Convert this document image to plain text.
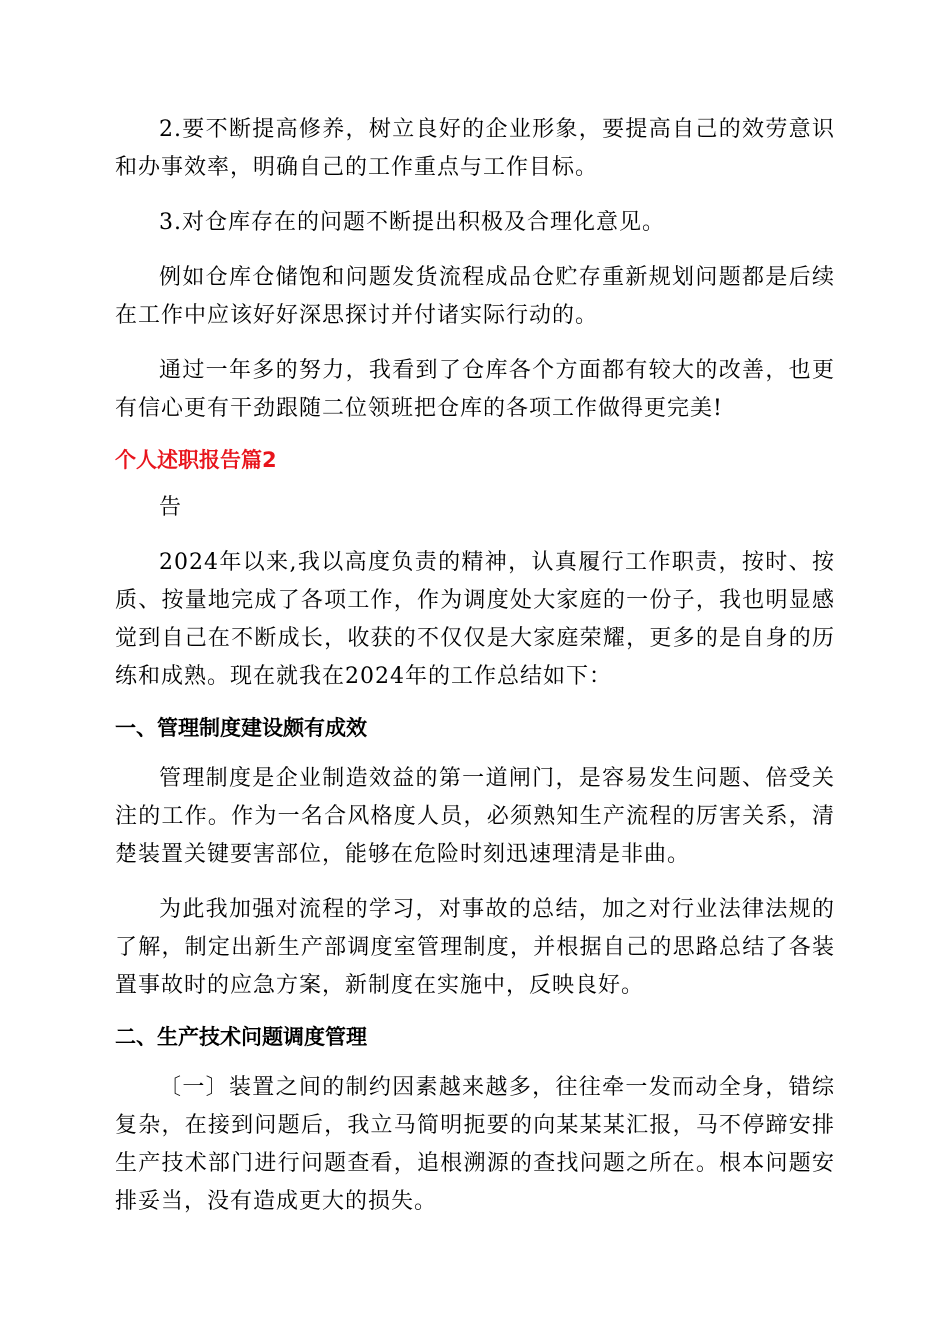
2.要不断提高修养，树立良好的企业形象，要提高自己的效劳意识和办事效率，明确自己的工作重点与工作目标。

3.对仓库存在的问题不断提出积极及合理化意见。

例如仓库仓储饱和问题发货流程成品仓贮存重新规划问题都是后续在工作中应该好好深思探讨并付诸实际行动的。

通过一年多的努力，我看到了仓库各个方面都有较大的改善，也更有信心更有干劲跟随二位领班把仓库的各项工作做得更完美!

个人述职报告篇2

告

2024年以来,我以高度负责的精神，认真履行工作职责，按时、按质、按量地完成了各项工作，作为调度处大家庭的一份子，我也明显感觉到自己在不断成长，收获的不仅仅是大家庭荣耀，更多的是自身的历练和成熟。现在就我在2024年的工作总结如下：

一、管理制度建设颇有成效

管理制度是企业制造效益的第一道闸门，是容易发生问题、倍受关注的工作。作为一名合风格度人员，必须熟知生产流程的厉害关系，清楚装置关键要害部位，能够在危险时刻迅速理清是非曲。

为此我加强对流程的学习，对事故的总结，加之对行业法律法规的了解，制定出新生产部调度室管理制度，并根据自己的思路总结了各装置事故时的应急方案，新制度在实施中，反映良好。

二、生产技术问题调度管理

〔一〕装置之间的制约因素越来越多，往往牵一发而动全身，错综复杂，在接到问题后，我立马简明扼要的向某某某汇报，马不停蹄安排生产技术部门进行问题查看，追根溯源的查找问题之所在。根本问题安排妥当，没有造成更大的损失。
